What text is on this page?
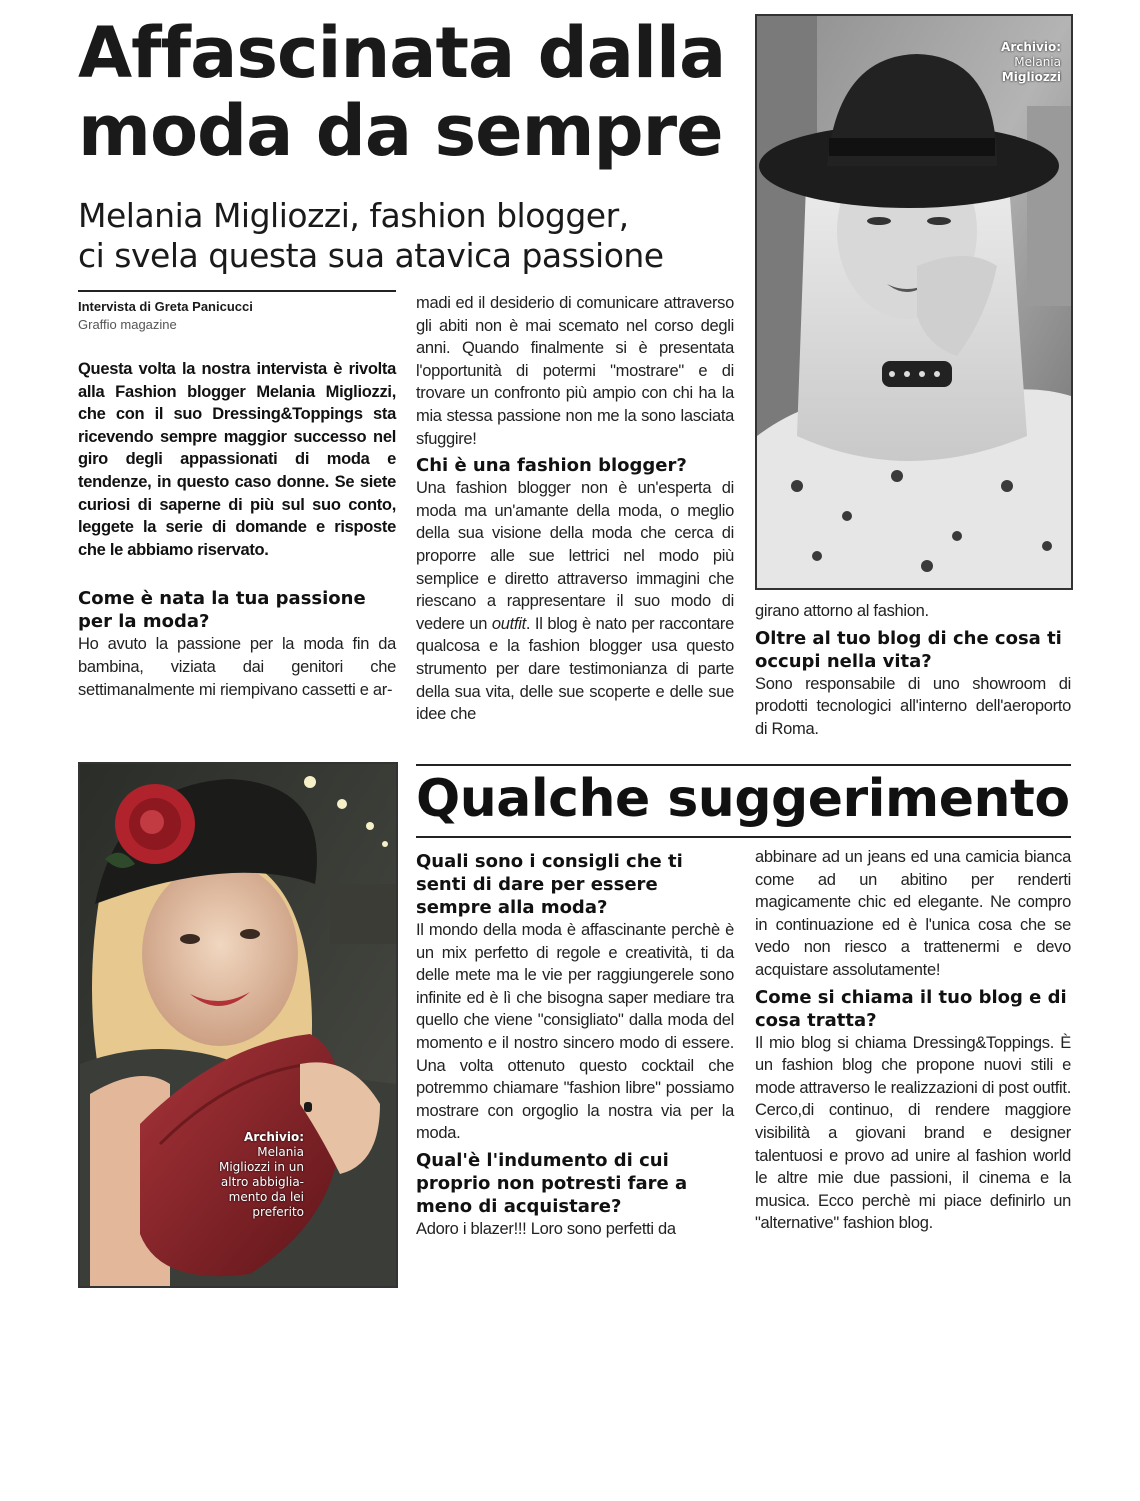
Affascinata dalla
moda da sempre
Melania Migliozzi, fashion blogger,
ci svela questa sua atavica passione
Intervista di Greta Panicucci
Graffio magazine

Questa volta la nostra intervista è rivolta alla Fashion blogger Melania Migliozzi, che con il suo Dressing&Toppings sta ricevendo sempre maggior successo nel giro degli appassionati di moda e tendenze, in questo caso donne. Se siete curiosi di saperne di più sul suo conto, leggete la serie di domande e risposte che le abbiamo riservato.

Come è nata la tua passione per la moda?

Ho avuto la passione per la moda fin da bambina, viziata dai genitori che settimanalmente mi riempivano cassetti e ar-

madi ed il desiderio di comunicare attraverso gli abiti non è mai scemato nel corso degli anni. Quando finalmente si è presentata l'opportunità di potermi "mostrare" e di trovare un confronto più ampio con chi ha la mia stessa passione non me la sono lasciata sfuggire!

Chi è una fashion blogger?

Una fashion blogger non è un'esperta di moda ma un'amante della moda, o meglio della sua visione della moda che cerca di proporre alle sue lettrici nel modo più semplice e diretto attraverso immagini che riescano a rappresentare il suo modo di vedere un outfit. Il blog è nato per raccontare qualcosa e la fashion blogger usa questo strumento per dare testimonianza di parte della sua vita, delle sue scoperte e delle sue idee che

Archivio:
Melania
Migliozzi

girano attorno al fashion.

Oltre al tuo blog di che cosa ti occupi nella vita?

Sono responsabile di uno showroom di prodotti tecnologici all'interno dell'aeroporto di Roma.

Qualche suggerimento
Archivio:
Melania
Migliozzi in un
altro abbiglia-
mento da lei
preferito

Quali sono i consigli che ti senti di dare per essere sempre alla moda?

Il mondo della moda è affascinante perchè è un mix perfetto di regole e creatività, ti da delle mete ma le vie per raggiungerele sono infinite ed è lì che bisogna saper mediare tra quello che viene "consigliato" dalla moda del momento e il nostro sincero modo di essere. Una volta ottenuto questo cocktail che potremmo chiamare "fashion libre" possiamo mostrare con orgoglio la nostra via per la moda.

Qual'è l'indumento di cui proprio non potresti fare a meno di acquistare?

Adoro i blazer!!! Loro sono perfetti da

abbinare ad un jeans ed una camicia bianca come ad un abitino per renderti magicamente chic ed elegante. Ne compro in continuazione ed è l'unica cosa che se vedo non riesco a trattenermi e devo acquistare assolutamente!

Come si chiama il tuo blog e di cosa tratta?

Il mio blog si chiama Dressing&Toppings. È un fashion blog che propone nuovi stili e mode attraverso le realizzazioni di post outfit. Cerco,di continuo, di rendere maggiore visibilità a giovani brand e designer talentuosi e provo ad unire al fashion world le altre mie due passioni, il cinema e la musica. Ecco perchè mi piace definirlo un "alternative" fashion blog.
